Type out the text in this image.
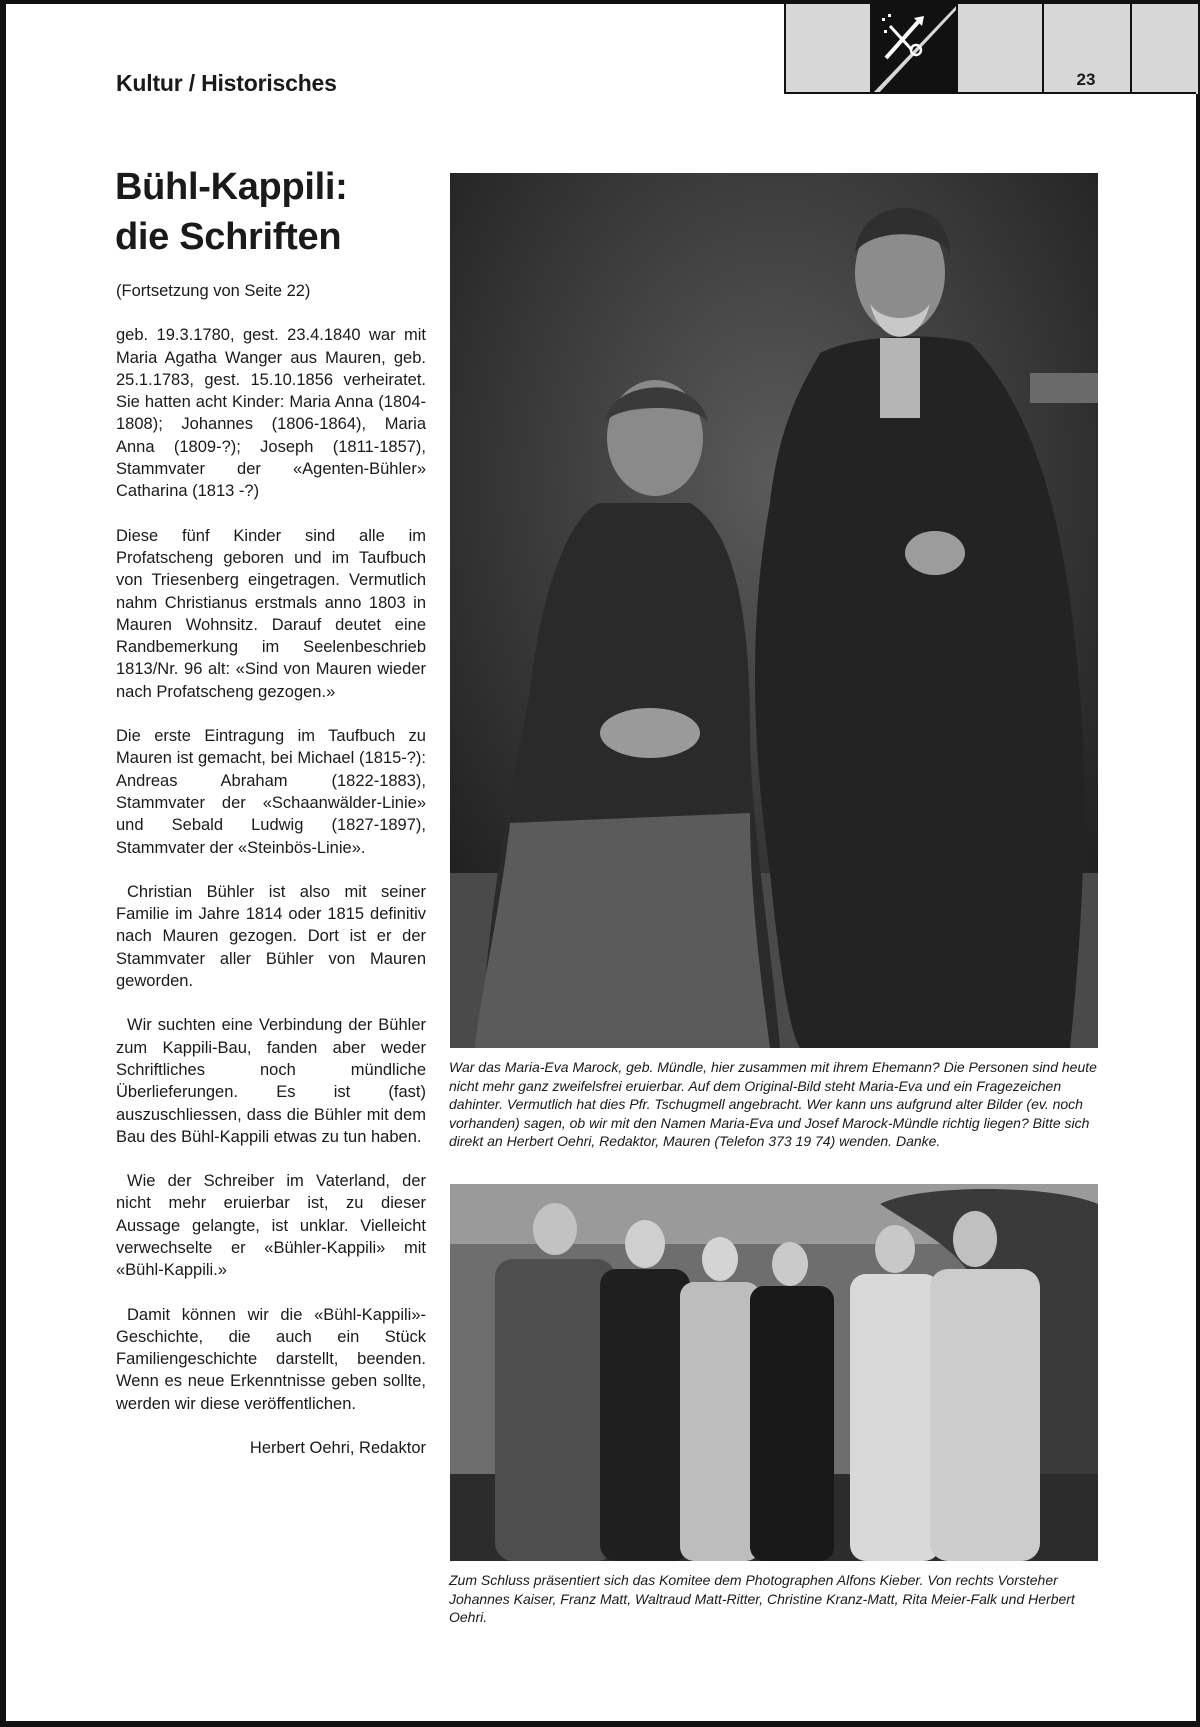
Kultur / Historisches	23
Bühl-Kappili:
die Schriften

(Fortsetzung von Seite 22)

geb. 19.3.1780, gest. 23.4.1840 war mit Maria Agatha Wanger aus Mauren, geb. 25.1.1783, gest. 15.10.1856 verheiratet. Sie hatten acht Kinder: Maria Anna (1804-1808); Johannes (1806-1864), Maria Anna (1809-?); Joseph (1811-1857), Stammvater der «Agenten-Bühler» Catharina (1813 -?)

Diese fünf Kinder sind alle im Profatscheng geboren und im Taufbuch von Triesenberg eingetragen. Vermutlich nahm Christianus erstmals anno 1803 in Mauren Wohnsitz. Darauf deutet eine Randbemerkung im Seelenbeschrieb 1813/Nr. 96 alt: «Sind von Mauren wieder nach Profatscheng gezogen.»

Die erste Eintragung im Taufbuch zu Mauren ist gemacht, bei Michael (1815-?): Andreas Abraham (1822-1883), Stammvater der «Schaanwälder-Linie» und Sebald Ludwig (1827-1897), Stammvater der «Steinbös-Linie».

Christian Bühler ist also mit seiner Familie im Jahre 1814 oder 1815 definitiv nach Mauren gezogen. Dort ist er der Stammvater aller Bühler von Mauren geworden.

Wir suchten eine Verbindung der Bühler zum Kappili-Bau, fanden aber weder Schriftliches noch mündliche Überlieferungen. Es ist (fast) auszuschliessen, dass die Bühler mit dem Bau des Bühl-Kappili etwas zu tun haben.

Wie der Schreiber im Vaterland, der nicht mehr eruierbar ist, zu dieser Aussage gelangte, ist unklar. Vielleicht verwechselte er «Bühler-Kappili» mit «Bühl-Kappili.»

Damit können wir die «Bühl-Kappili»-Geschichte, die auch ein Stück Familiengeschichte darstellt, beenden. Wenn es neue Erkenntnisse geben sollte, werden wir diese veröffentlichen.

Herbert Oehri, Redaktor

War das Maria-Eva Marock, geb. Mündle, hier zusammen mit ihrem Ehemann? Die Personen sind heute nicht mehr ganz zweifelsfrei eruierbar. Auf dem Original-Bild steht Maria-Eva und ein Fragezeichen dahinter. Vermutlich hat dies Pfr. Tschugmell angebracht. Wer kann uns aufgrund alter Bilder (ev. noch vorhanden) sagen, ob wir mit den Namen Maria-Eva und Josef Marock-Mündle richtig liegen? Bitte sich direkt an Herbert Oehri, Redaktor, Mauren (Telefon 373 19 74) wenden. Danke.
Zum Schluss präsentiert sich das Komitee dem Photographen Alfons Kieber. Von rechts Vorsteher Johannes Kaiser, Franz Matt, Waltraud Matt-Ritter, Christine Kranz-Matt, Rita Meier-Falk und Herbert Oehri.
